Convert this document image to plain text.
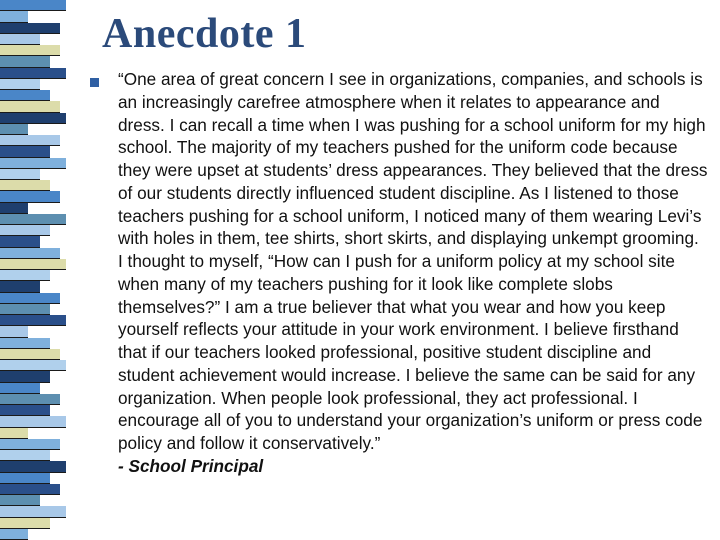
Anecdote 1
“One area of great concern I see in organizations, companies, and schools is an increasingly carefree atmosphere when it relates to appearance and dress. I can recall a time when I was pushing for a school uniform for my high school. The majority of my teachers pushed for the uniform code because they were upset at students’ dress appearances. They believed that the dress of our students directly influenced student discipline. As I listened to those teachers pushing for a school uniform, I noticed many of them wearing Levi’s with holes in them, tee shirts, short skirts, and displaying unkempt grooming. I thought to myself, “How can I push for a uniform policy at my school site when many of my teachers pushing for it look like complete slobs themselves?” I am a true believer that what you wear and how you keep yourself reflects your attitude in your work environment. I believe firsthand that if our teachers looked professional, positive student discipline and student achievement would increase. I believe the same can be said for any organization. When people look professional, they act professional. I encourage all of you to understand your organization’s uniform or press code policy and follow it conservatively.”
- School Principal
